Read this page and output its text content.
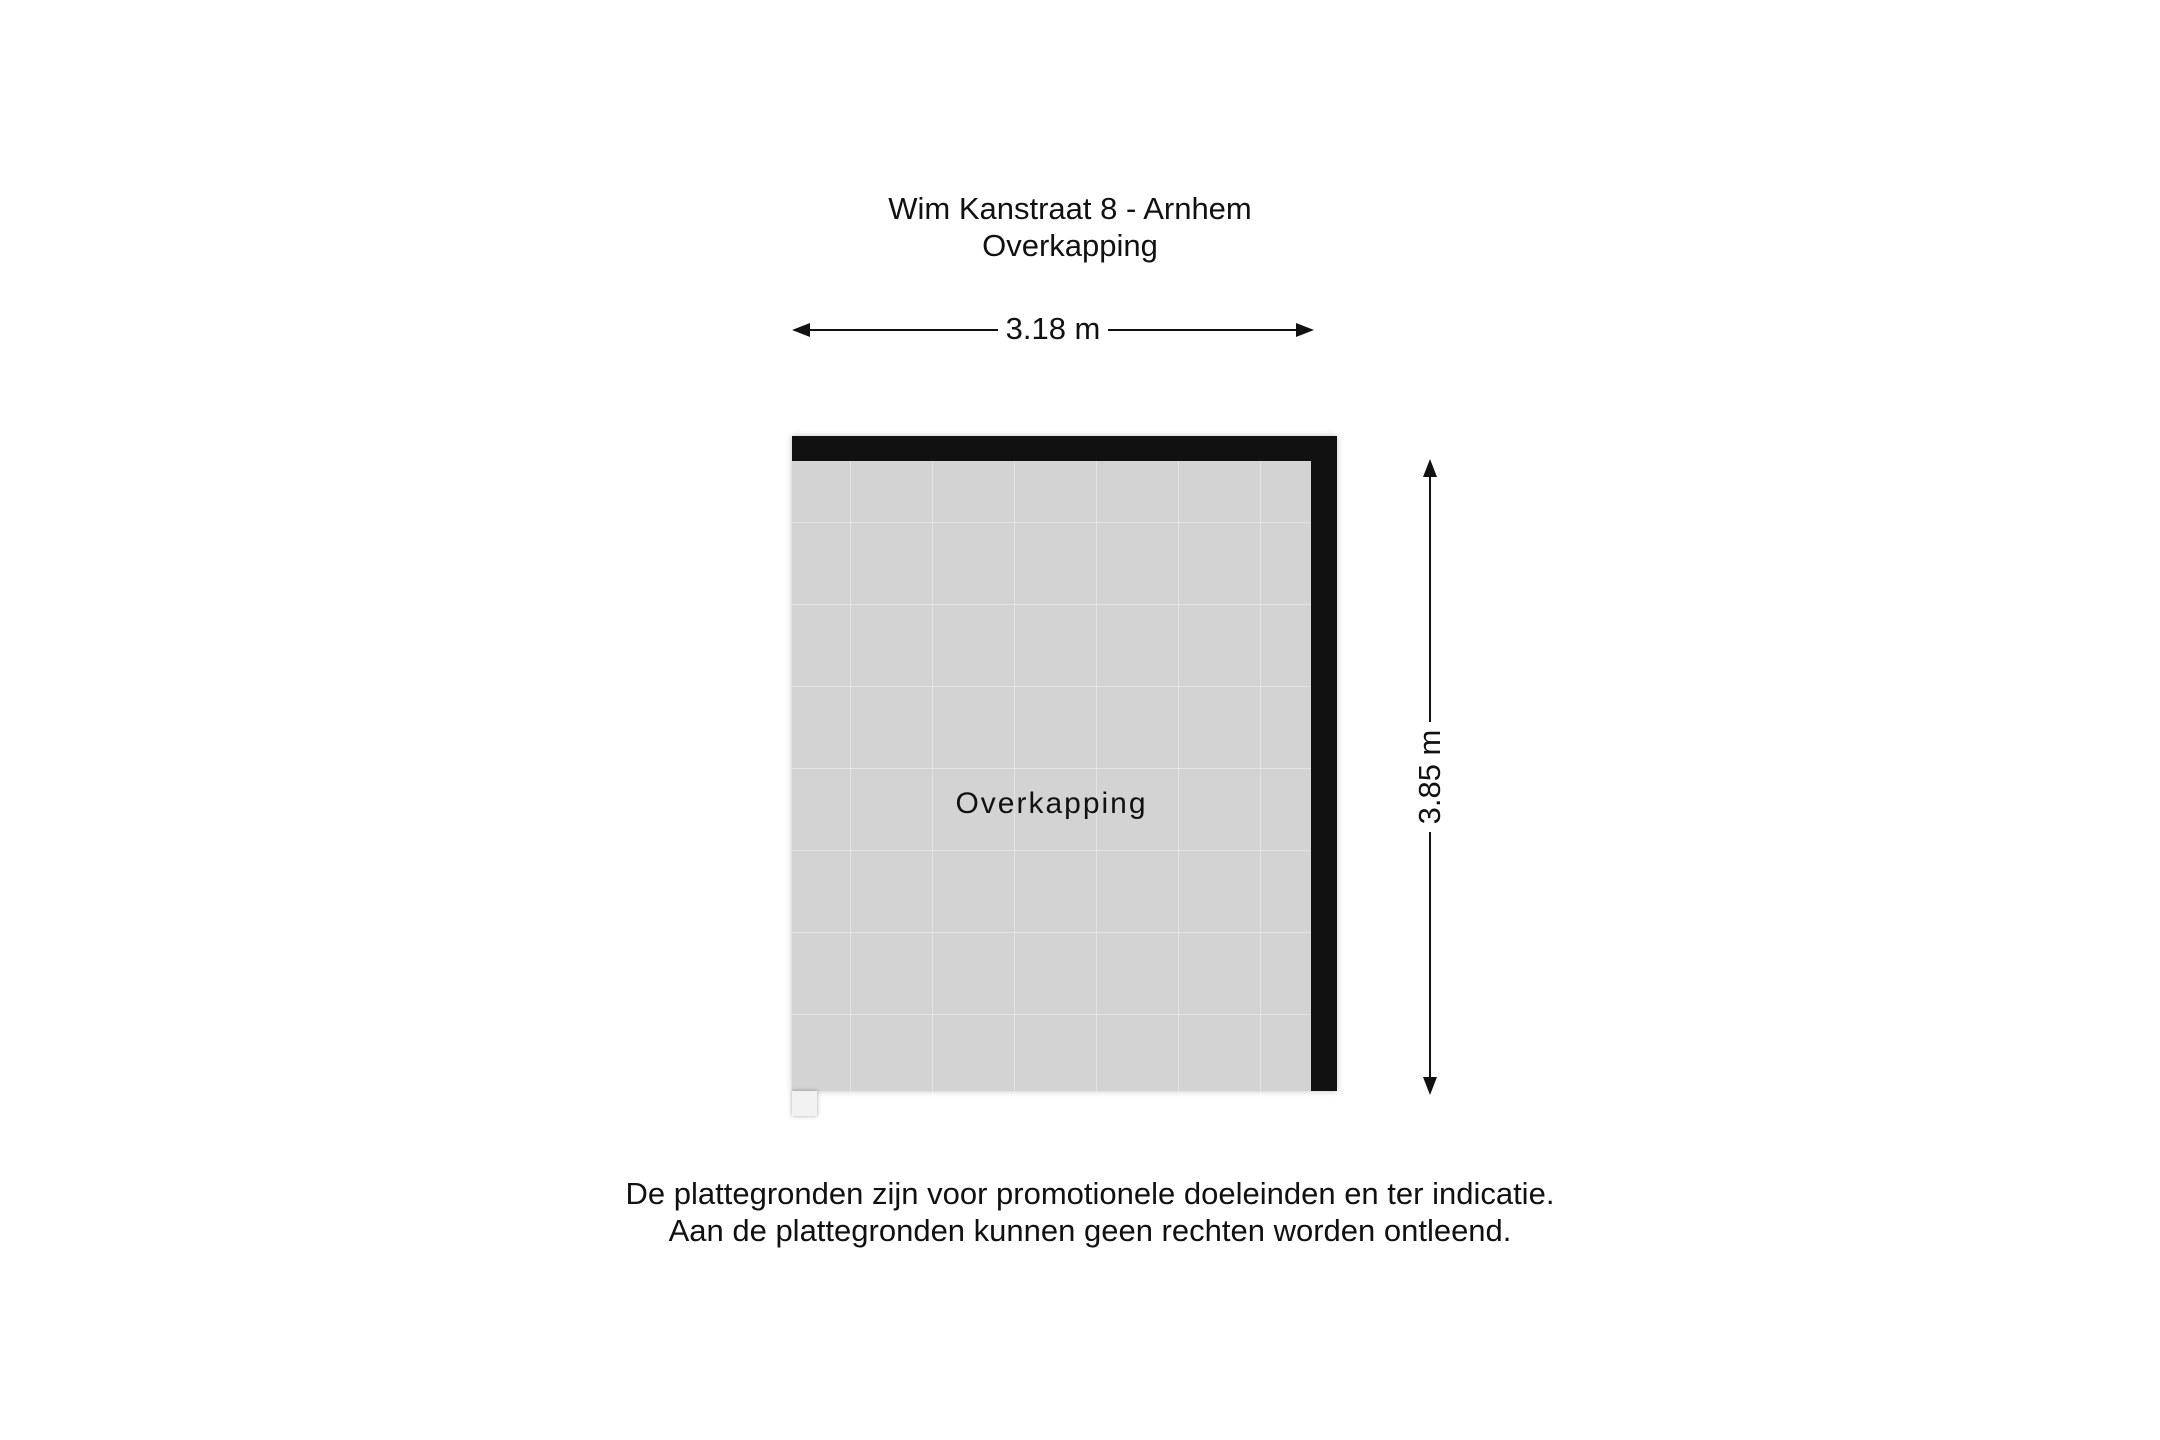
Wim Kanstraat 8 - Arnhem
Overkapping
3.18 m
Overkapping	3.85 m
De plattegronden zijn voor promotionele doeleinden en ter indicatie.
Aan de plattegronden kunnen geen rechten worden ontleend.
